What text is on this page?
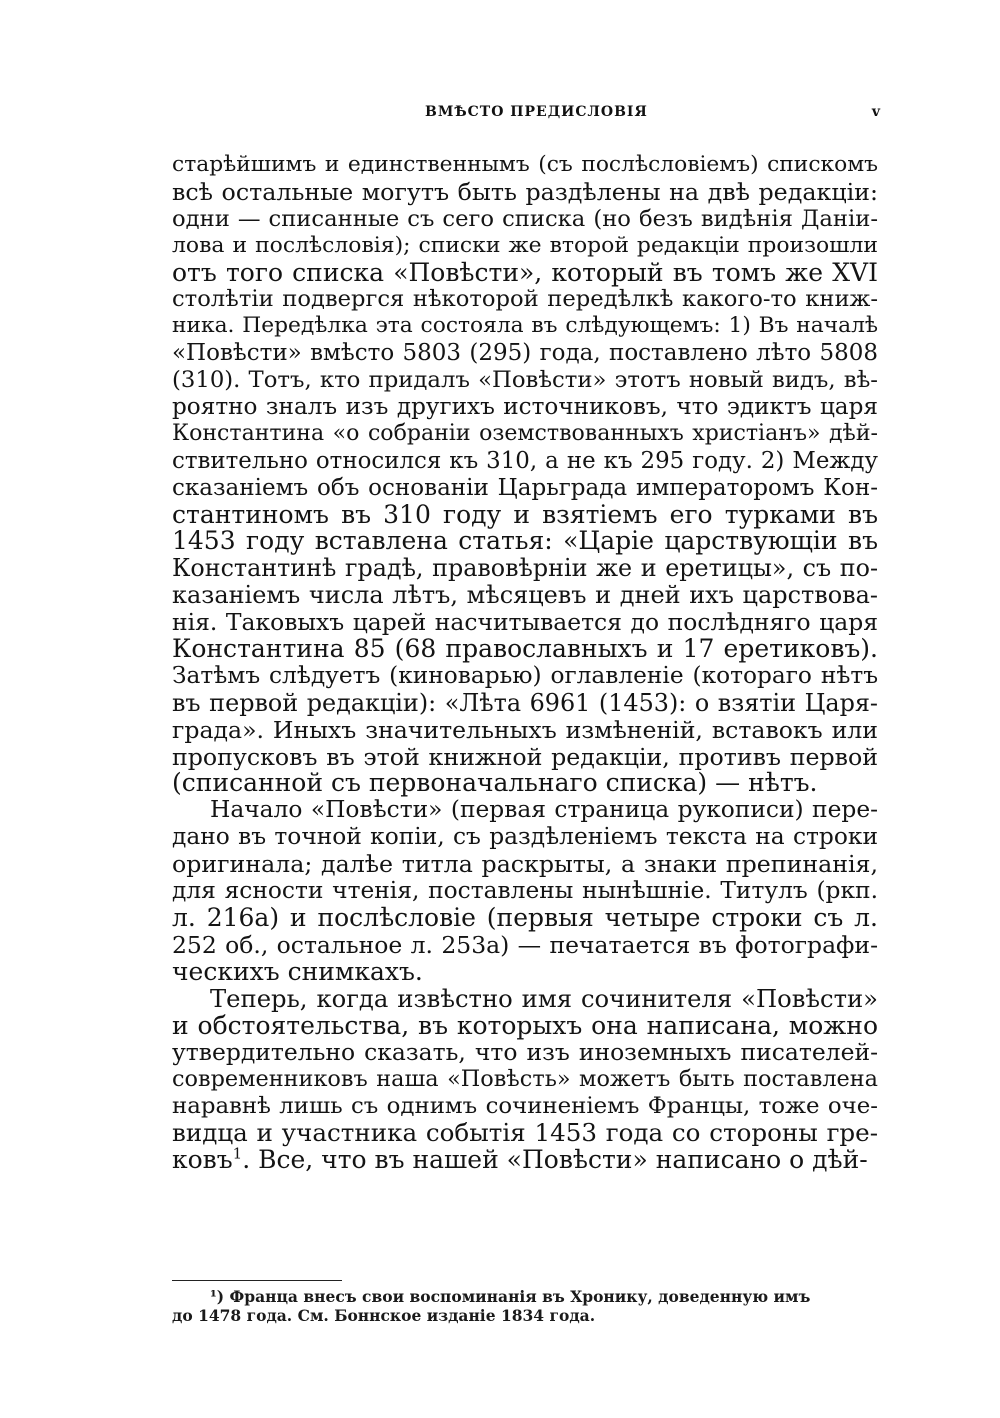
ВМѢСТО ПРЕДИСЛОВІЯ	v
старѣйшимъ и единственнымъ (съ послѣсловіемъ) спискомъ
всѣ остальные могутъ быть раздѣлены на двѣ редакціи:
одни — списанные съ сего списка (но безъ видѣнія Даніи-
лова и послѣсловія); списки же второй редакціи произошли
отъ того списка «Повѣсти», который въ томъ же XVI
столѣтіи подвергся нѣкоторой передѣлкѣ какого-то книж-
ника. Передѣлка эта состояла въ слѣдующемъ: 1) Въ началѣ
«Повѣсти» вмѣсто 5803 (295) года, поставлено лѣто 5808
(310). Тотъ, кто придалъ «Повѣсти» этотъ новый видъ, вѣ-
роятно зналъ изъ другихъ источниковъ, что эдиктъ царя
Константина «о собраніи оземствованныхъ христіанъ» дѣй-
ствительно относился къ 310, а не къ 295 году. 2) Между
сказаніемъ объ основаніи Царьграда императоромъ Кон-
стантиномъ въ 310 году и взятіемъ его турками въ
1453 году вставлена статья: «Царіе царствующіи въ
Константинѣ градѣ, правовѣрніи же и еретицы», съ по-
казаніемъ числа лѣтъ, мѣсяцевъ и дней ихъ царствова-
нія. Таковыхъ царей насчитывается до послѣдняго царя
Константина 85 (68 православныхъ и 17 еретиковъ).
Затѣмъ слѣдуетъ (киноварью) оглавленіе (котораго нѣтъ
въ первой редакціи): «Лѣта 6961 (1453): о взятіи Царя-
града». Иныхъ значительныхъ измѣненій, вставокъ или
пропусковъ въ этой книжной редакціи, противъ первой
(списанной съ первоначальнаго списка) — нѣтъ.
Начало «Повѣсти» (первая страница рукописи) пере-
дано въ точной копіи, съ раздѣленіемъ текста на строки
оригинала; далѣе титла раскрыты, а знаки препинанія,
для ясности чтенія, поставлены нынѣшніе. Титулъ (ркп.
л. 216а) и послѣсловіе (первыя четыре строки съ л.
252 об., остальное л. 253а) — печатается въ фотографи-
ческихъ снимкахъ.
Теперь, когда извѣстно имя сочинителя «Повѣсти»
и обстоятельства, въ которыхъ она написана, можно
утвердительно сказать, что изъ иноземныхъ писателей-
современниковъ наша «Повѣсть» можетъ быть поставлена
наравнѣ лишь съ однимъ сочиненіемъ Францы, тоже оче-
видца и участника событія 1453 года со стороны гре-
ковъ$^1$. Все, что въ нашей «Повѣсти» написано о дѣй-
¹) Франца внесъ свои воспоминанія въ Хронику, доведенную имъ
до 1478 года. См. Боннское изданіе 1834 года.
